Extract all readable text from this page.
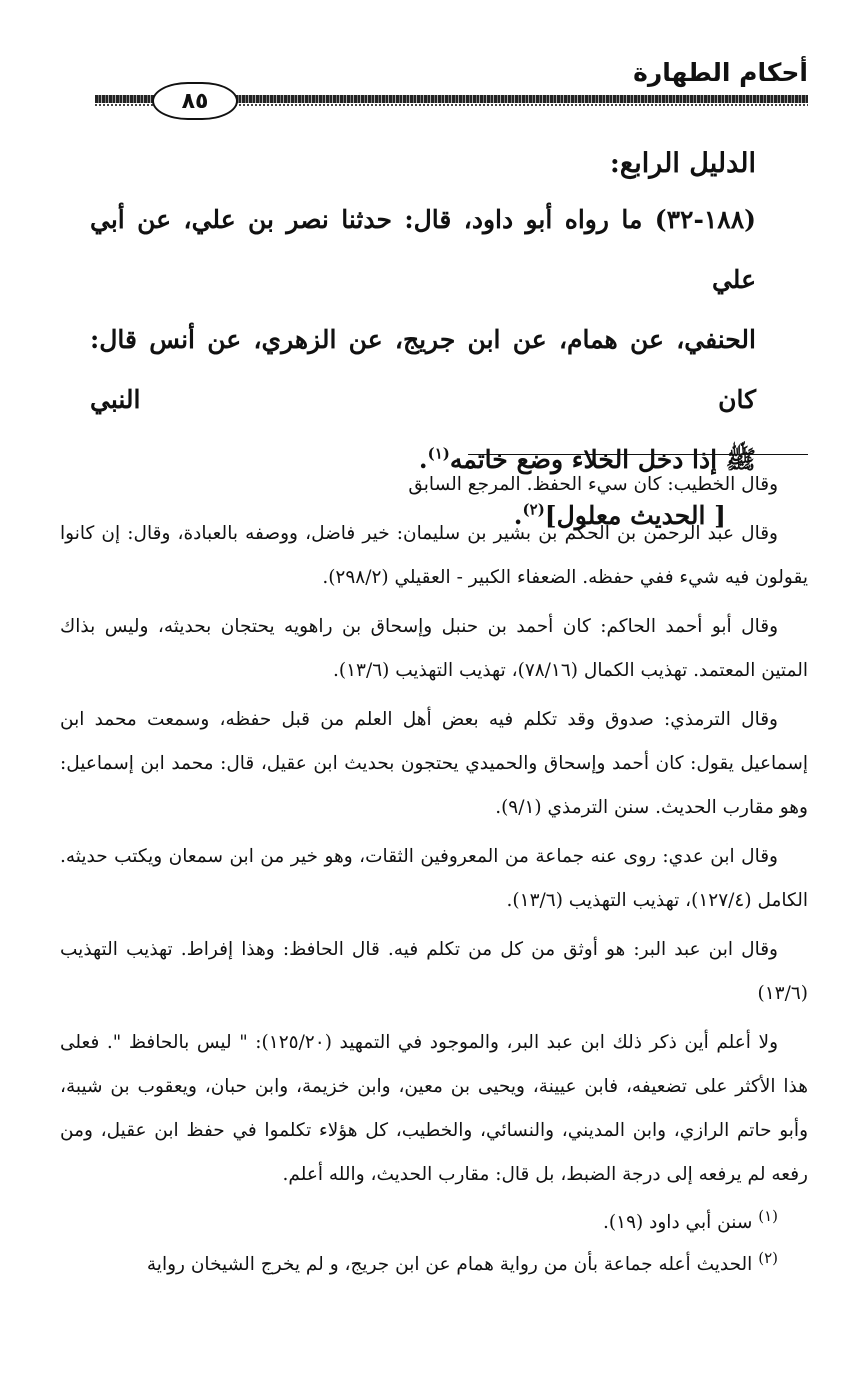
أحكام الطهارة
٨٥

الدليل الرابع:

(١٨٨-٣٢) ما رواه أبو داود، قال: حدثنا نصر بن علي، عن أبي علي

الحنفي، عن همام، عن ابن جريج، عن الزهري، عن أنس قال: كان النبي

ﷺ إذا دخل الخلاء وضع خاتمه$^{(١)}$.

[ الحديث معلول]$^{(٢)}$.

وقال الخطيب: كان سيء الحفظ. المرجع السابق

وقال عبد الرحمن بن الحكم بن بشير بن سليمان: خير فاضل، ووصفه بالعبادة، وقال: إن كانوا يقولون فيه شيء ففي حفظه. الضعفاء الكبير - العقيلي (٢٩٨/٢).

وقال أبو أحمد الحاكم: كان أحمد بن حنبل وإسحاق بن راهويه يحتجان بحديثه، وليس بذاك المتين المعتمد. تهذيب الكمال (٧٨/١٦)، تهذيب التهذيب (١٣/٦).

وقال الترمذي: صدوق وقد تكلم فيه بعض أهل العلم من قبل حفظه، وسمعت محمد ابن إسماعيل يقول: كان أحمد وإسحاق والحميدي يحتجون بحديث ابن عقيل، قال: محمد ابن إسماعيل: وهو مقارب الحديث. سنن الترمذي (٩/١).

وقال ابن عدي: روى عنه جماعة من المعروفين الثقات، وهو خير من ابن سمعان ويكتب حديثه. الكامل (١٢٧/٤)، تهذيب التهذيب (١٣/٦).

وقال ابن عبد البر: هو أوثق من كل من تكلم فيه. قال الحافظ: وهذا إفراط. تهذيب التهذيب (١٣/٦)

ولا أعلم أين ذكر ذلك ابن عبد البر، والموجود في التمهيد (١٢٥/٢٠): " ليس بالحافظ ". فعلى هذا الأكثر على تضعيفه، فابن عيينة، ويحيى بن معين، وابن خزيمة، وابن حبان، ويعقوب بن شيبة، وأبو حاتم الرازي، وابن المديني، والنسائي، والخطيب، كل هؤلاء تكلموا في حفظ ابن عقيل، ومن رفعه لم يرفعه إلى درجة الضبط، بل قال: مقارب الحديث، والله أعلم.

$^{(١)}$ سنن أبي داود (١٩).

$^{(٢)}$ الحديث أعله جماعة بأن من رواية همام عن ابن جريج، و لم يخرج الشيخان رواية
